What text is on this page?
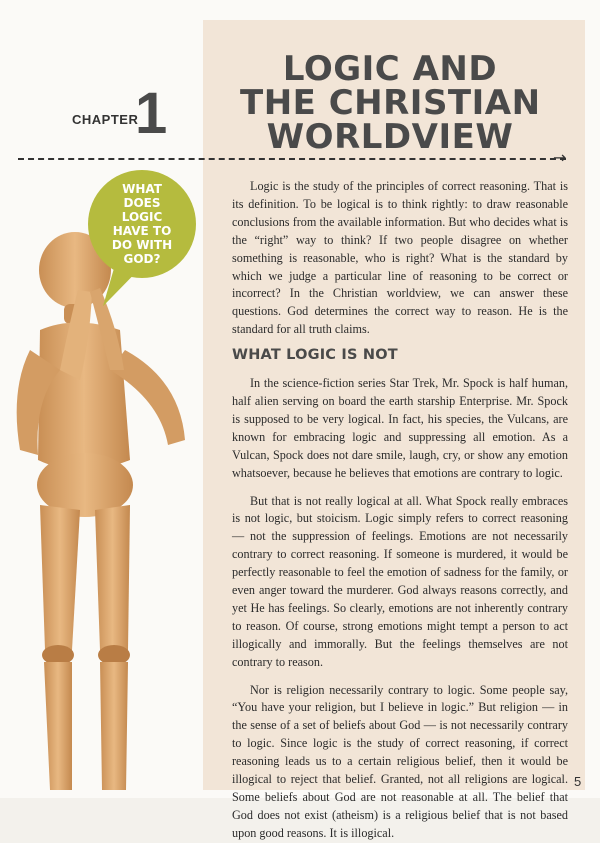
CHAPTER
1
LOGIC AND
THE CHRISTIAN
WORLDVIEW
→
WHAT DOES LOGIC HAVE TO DO WITH GOD?

Logic is the study of the principles of correct reasoning. That is its definition. To be logical is to think rightly: to draw reasonable conclusions from the available information. But who decides what is the “right” way to think? If two people disagree on whether something is reasonable, who is right? What is the standard by which we judge a particular line of reasoning to be correct or incorrect? In the Christian worldview, we can answer these questions. God determines the correct way to reason. He is the standard for all truth claims.

WHAT LOGIC IS NOT

In the science-fiction series Star Trek, Mr. Spock is half human, half alien serving on board the earth starship Enterprise. Mr. Spock is supposed to be very logical. In fact, his species, the Vulcans, are known for embracing logic and suppressing all emotion. As a Vulcan, Spock does not dare smile, laugh, cry, or show any emotion whatsoever, because he believes that emotions are contrary to logic.

But that is not really logical at all. What Spock really embraces is not logic, but stoicism. Logic simply refers to correct reasoning — not the suppression of feelings. Emotions are not necessarily contrary to correct reasoning. If someone is murdered, it would be perfectly reasonable to feel the emotion of sadness for the family, or even anger toward the murderer. God always reasons correctly, and yet He has feelings. So clearly, emotions are not inherently contrary to reason. Of course, strong emotions might tempt a person to act illogically and immorally. But the feelings themselves are not contrary to reason.

Nor is religion necessarily contrary to logic. Some people say, “You have your religion, but I believe in logic.” But religion — in the sense of a set of beliefs about God — is not necessarily contrary to logic. Since logic is the study of correct reasoning, if correct reasoning leads us to a certain religious belief, then it would be illogical to reject that belief. Granted, not all religions are logical. Some beliefs about God are not reasonable at all. The belief that God does not exist (atheism) is a religious belief that is not based upon good reasons. It is illogical.

5
